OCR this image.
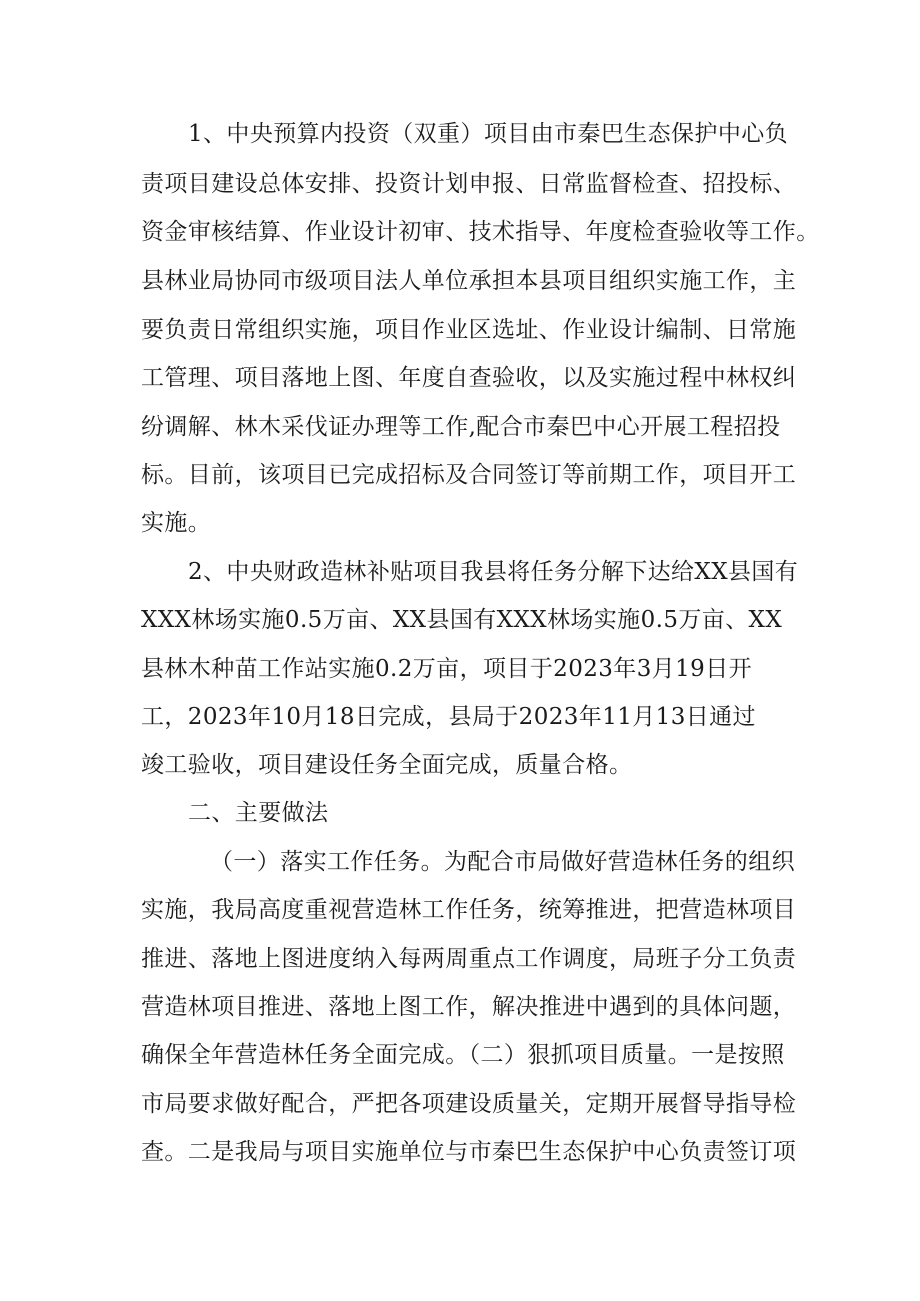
1、中央预算内投资（双重）项目由市秦巴生态保护中心负
责项目建设总体安排、投资计划申报、日常监督检查、招投标、
资金审核结算、作业设计初审、技术指导、年度检查验收等工作。
县林业局协同市级项目法人单位承担本县项目组织实施工作，主
要负责日常组织实施，项目作业区选址、作业设计编制、日常施
工管理、项目落地上图、年度自查验收，以及实施过程中林权纠
纷调解、林木采伐证办理等工作,配合市秦巴中心开展工程招投
标。目前，该项目已完成招标及合同签订等前期工作，项目开工
实施。
2、中央财政造林补贴项目我县将任务分解下达给XX县国有
XXX林场实施0.5万亩、XX县国有XXX林场实施0.5万亩、XX
县林木种苗工作站实施0.2万亩，项目于2023年3月19日开
工，2023年10月18日完成，县局于2023年11月13日通过
竣工验收，项目建设任务全面完成，质量合格。
二、主要做法
（一）落实工作任务。为配合市局做好营造林任务的组织
实施，我局高度重视营造林工作任务，统筹推进，把营造林项目
推进、落地上图进度纳入每两周重点工作调度，局班子分工负责
营造林项目推进、落地上图工作，解决推进中遇到的具体问题，
确保全年营造林任务全面完成。（二）狠抓项目质量。一是按照
市局要求做好配合，严把各项建设质量关，定期开展督导指导检
查。二是我局与项目实施单位与市秦巴生态保护中心负责签订项
